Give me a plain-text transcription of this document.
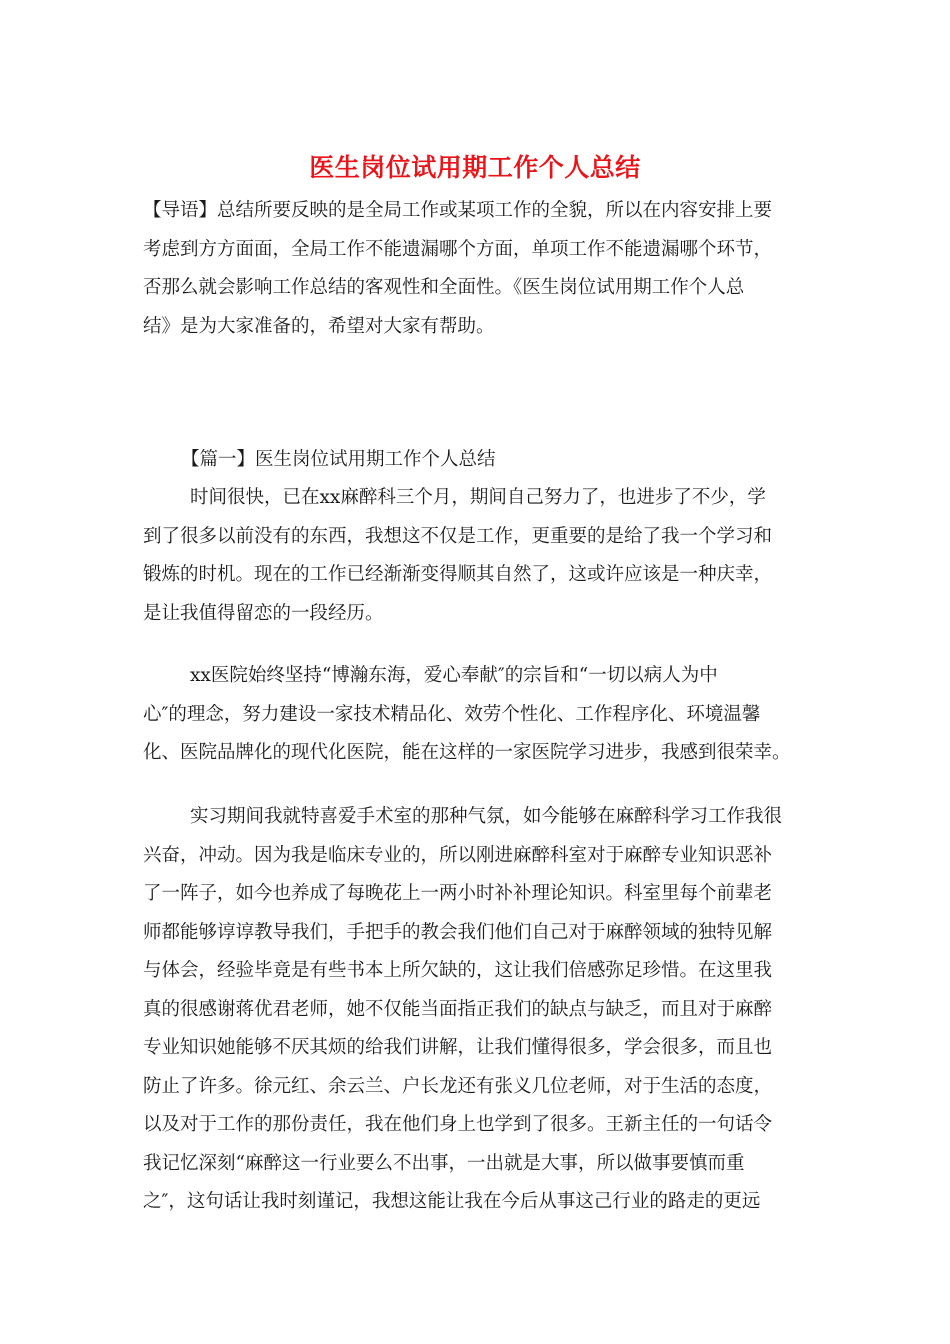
医生岗位试用期工作个人总结
【导语】总结所要反映的是全局工作或某项工作的全貌，所以在内容安排上要
考虑到方方面面，全局工作不能遗漏哪个方面，单项工作不能遗漏哪个环节，
否那么就会影响工作总结的客观性和全面性。《医生岗位试用期工作个人总
结》是为大家准备的，希望对大家有帮助。
【篇一】医生岗位试用期工作个人总结
时间很快，已在xx麻醉科三个月，期间自己努力了，也进步了不少，学
到了很多以前没有的东西，我想这不仅是工作，更重要的是给了我一个学习和
锻炼的时机。现在的工作已经渐渐变得顺其自然了，这或许应该是一种庆幸，
是让我值得留恋的一段经历。
xx医院始终坚持“博瀚东海，爱心奉献″的宗旨和“一切以病人为中
心″的理念，努力建设一家技术精品化、效劳个性化、工作程序化、环境温馨
化、医院品牌化的现代化医院，能在这样的一家医院学习进步，我感到很荣幸。
实习期间我就特喜爱手术室的那种气氛，如今能够在麻醉科学习工作我很
兴奋，冲动。因为我是临床专业的，所以刚进麻醉科室对于麻醉专业知识恶补
了一阵子，如今也养成了每晚花上一两小时补补理论知识。科室里每个前辈老
师都能够谆谆教导我们，手把手的教会我们他们自己对于麻醉领域的独特见解
与体会，经验毕竟是有些书本上所欠缺的，这让我们倍感弥足珍惜。在这里我
真的很感谢蒋优君老师，她不仅能当面指正我们的缺点与缺乏，而且对于麻醉
专业知识她能够不厌其烦的给我们讲解，让我们懂得很多，学会很多，而且也
防止了许多。徐元红、余云兰、户长龙还有张义几位老师，对于生活的态度，
以及对于工作的那份责任，我在他们身上也学到了很多。王新主任的一句话令
我记忆深刻“麻醉这一行业要么不出事，一出就是大事，所以做事要慎而重
之″，这句话让我时刻谨记，我想这能让我在今后从事这己行业的路走的更远
